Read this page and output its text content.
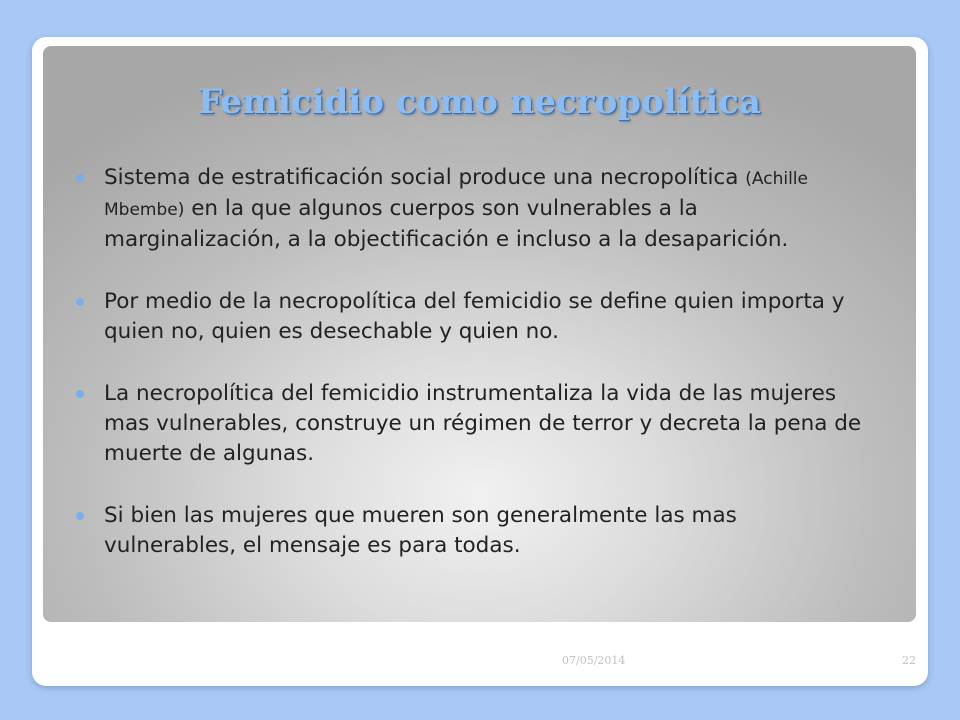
Femicidio como necropolítica
Sistema de estratificación social produce una necropolítica (Achille Mbembe) en la que algunos cuerpos son vulnerables a la marginalización, a la objectificación e incluso a la desaparición.
Por medio de la necropolítica del femicidio se define quien importa y quien no, quien es desechable y quien no.
La necropolítica del femicidio instrumentaliza la vida de las mujeres mas vulnerables, construye un régimen de terror y decreta la pena de muerte de algunas.
Si bien las mujeres que mueren son generalmente las mas vulnerables, el mensaje es para todas.
07/05/2014	22
